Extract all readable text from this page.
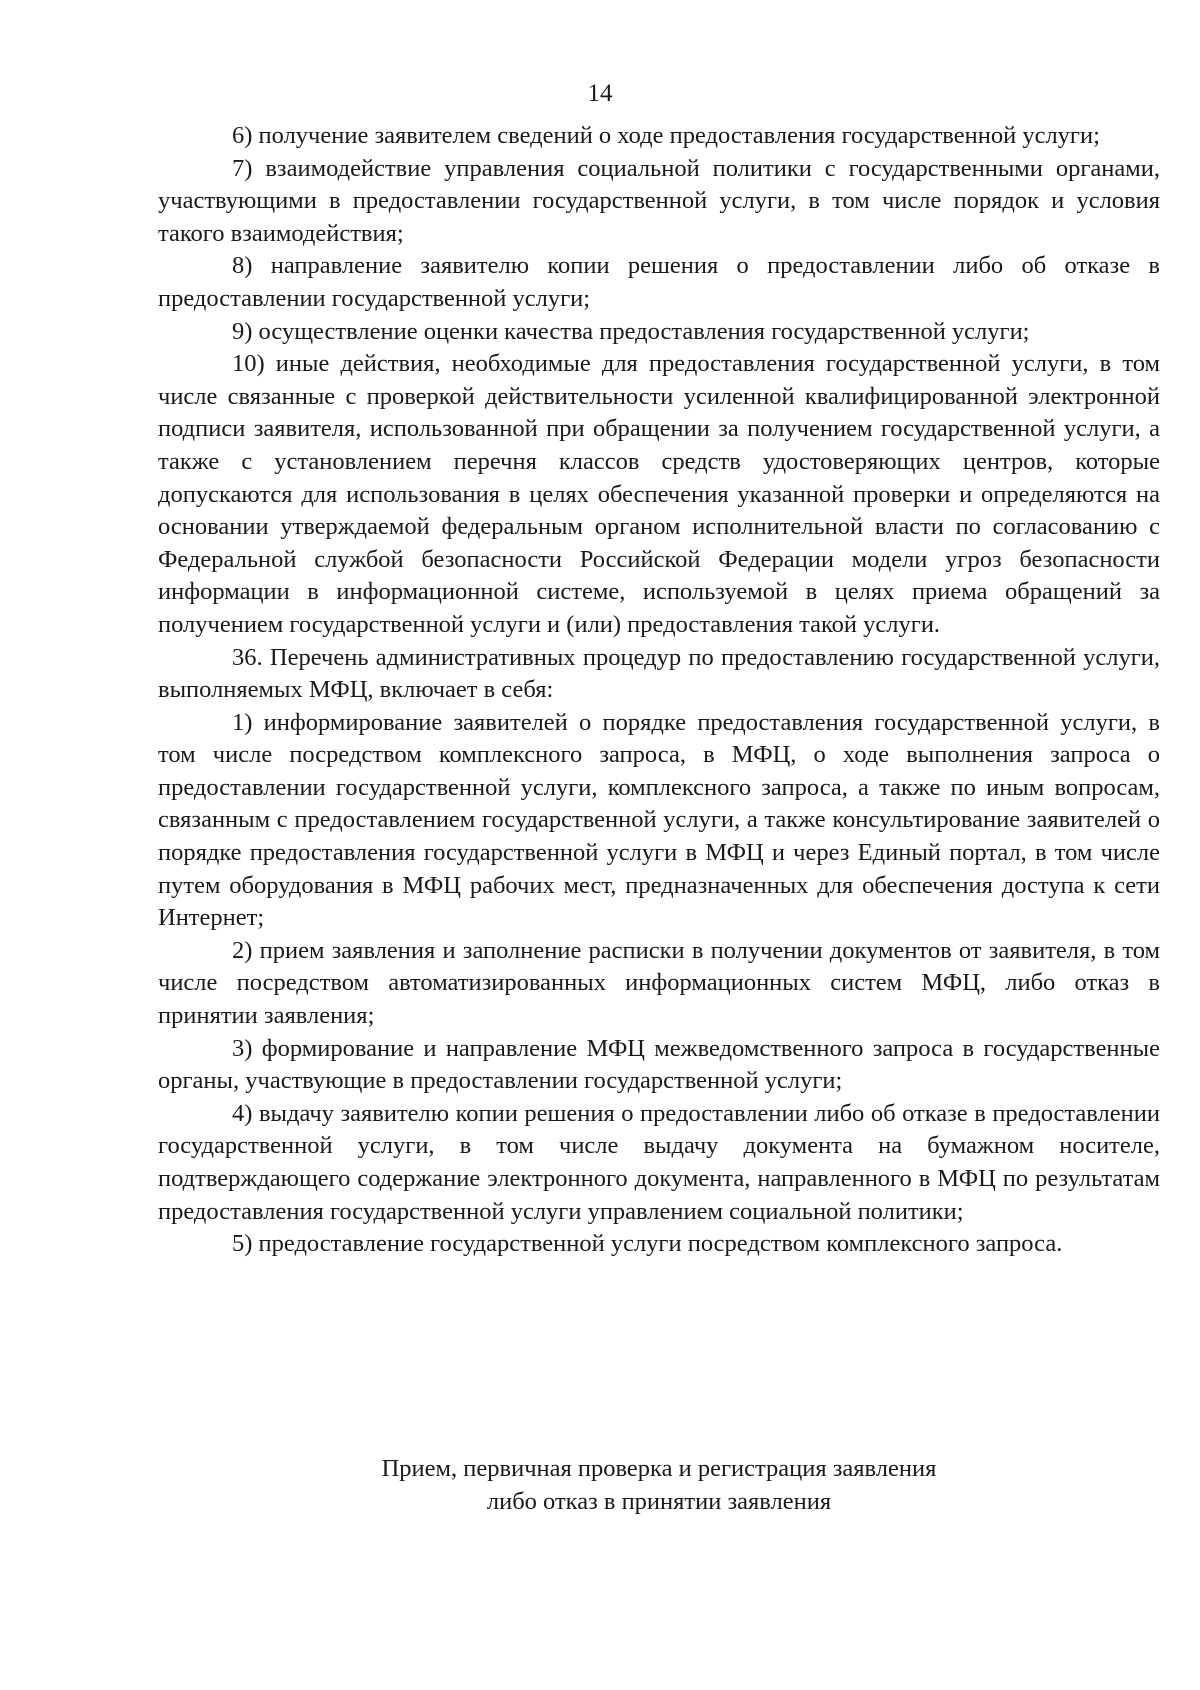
14

6) получение заявителем сведений о ходе предоставления государственной услуги;

7) взаимодействие управления социальной политики с государственными органами, участвующими в предоставлении государственной услуги, в том числе порядок и условия такого взаимодействия;

8) направление заявителю копии решения о предоставлении либо об отказе в предоставлении государственной услуги;

9) осуществление оценки качества предоставления государственной услуги;

10) иные действия, необходимые для предоставления государственной услуги, в том числе связанные с проверкой действительности усиленной квалифицированной электронной подписи заявителя, использованной при обращении за получением государственной услуги, а также с установлением перечня классов средств удостоверяющих центров, которые допускаются для использования в целях обеспечения указанной проверки и определяются на основании утверждаемой федеральным органом исполнительной власти по согласованию с Федеральной службой безопасности Российской Федерации модели угроз безопасности информации в информационной системе, используемой в целях приема обращений за получением государственной услуги и (или) предоставления такой услуги.

36. Перечень административных процедур по предоставлению государственной услуги, выполняемых МФЦ, включает в себя:

1) информирование заявителей о порядке предоставления государственной услуги, в том числе посредством комплексного запроса, в МФЦ, о ходе выполнения запроса о предоставлении государственной услуги, комплексного запроса, а также по иным вопросам, связанным с предоставлением государственной услуги, а также консультирование заявителей о порядке предоставления государственной услуги в МФЦ и через Единый портал, в том числе путем оборудования в МФЦ рабочих мест, предназначенных для обеспечения доступа к сети Интернет;

2) прием заявления и заполнение расписки в получении документов от заявителя, в том числе посредством автоматизированных информационных систем МФЦ, либо отказ в принятии заявления;

3) формирование и направление МФЦ межведомственного запроса в государственные органы, участвующие в предоставлении государственной услуги;

4) выдачу заявителю копии решения о предоставлении либо об отказе в предоставлении государственной услуги, в том числе выдачу документа на бумажном носителе, подтверждающего содержание электронного документа, направленного в МФЦ по результатам предоставления государственной услуги управлением социальной политики;

5) предоставление государственной услуги посредством комплексного запроса.

Прием, первичная проверка и регистрация заявления
либо отказ в принятии заявления
